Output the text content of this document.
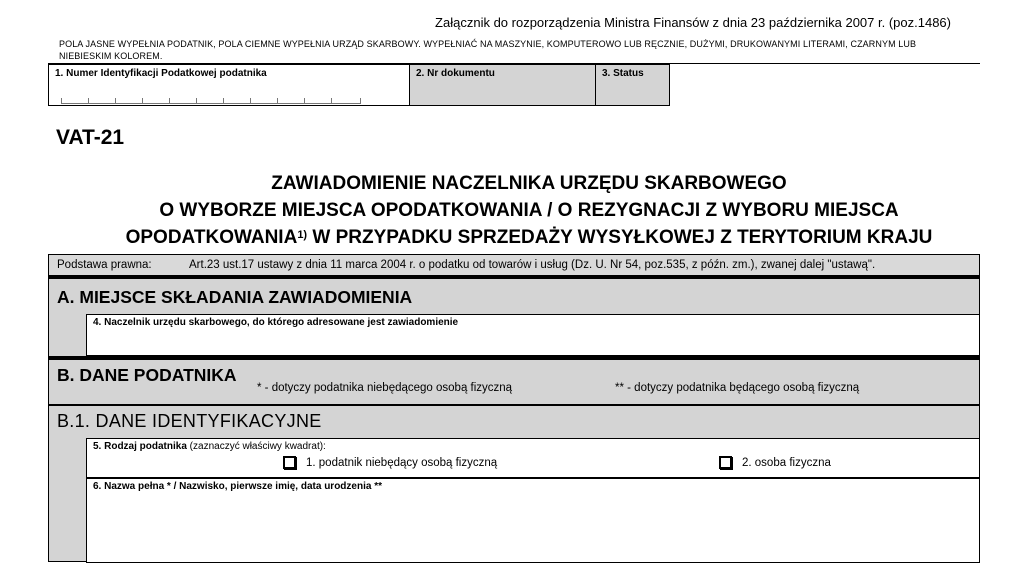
Załącznik do rozporządzenia Ministra Finansów z dnia 23 października 2007 r. (poz.1486)
POLA JASNE WYPEŁNIA PODATNIK, POLA CIEMNE WYPEŁNIA URZĄD SKARBOWY. WYPEŁNIAĆ NA MASZYNIE, KOMPUTEROWO LUB RĘCZNIE, DUŻYMI, DRUKOWANYMI LITERAMI, CZARNYM LUB NIEBIESKIM KOLOREM.
1. Numer Identyfikacji Podatkowej podatnika	2. Nr dokumentu	3. Status
VAT-21
ZAWIADOMIENIE NACZELNIKA URZĘDU SKARBOWEGO
O WYBORZE MIEJSCA OPODATKOWANIA / O REZYGNACJI Z WYBORU MIEJSCA
OPODATKOWANIA$^{1)}$ W PRZYPADKU SPRZEDAŻY WYSYŁKOWEJ Z TERYTORIUM KRAJU
Podstawa prawna:	Art.23 ust.17 ustawy z dnia 11 marca 2004 r. o podatku od towarów i usług (Dz. U. Nr 54, poz.535, z późn. zm.), zwanej dalej "ustawą".
A. MIEJSCE SKŁADANIA ZAWIADOMIENIA
4. Naczelnik urzędu skarbowego, do którego adresowane jest zawiadomienie
B. DANE PODATNIKA
* - dotyczy podatnika niebędącego osobą fizyczną	** - dotyczy podatnika będącego osobą fizyczną
B.1. DANE IDENTYFIKACYJNE
5. Rodzaj podatnika (zaznaczyć właściwy kwadrat):
1. podatnik niebędący osobą fizyczną	2. osoba fizyczna
6. Nazwa pełna * / Nazwisko, pierwsze imię, data urodzenia **
